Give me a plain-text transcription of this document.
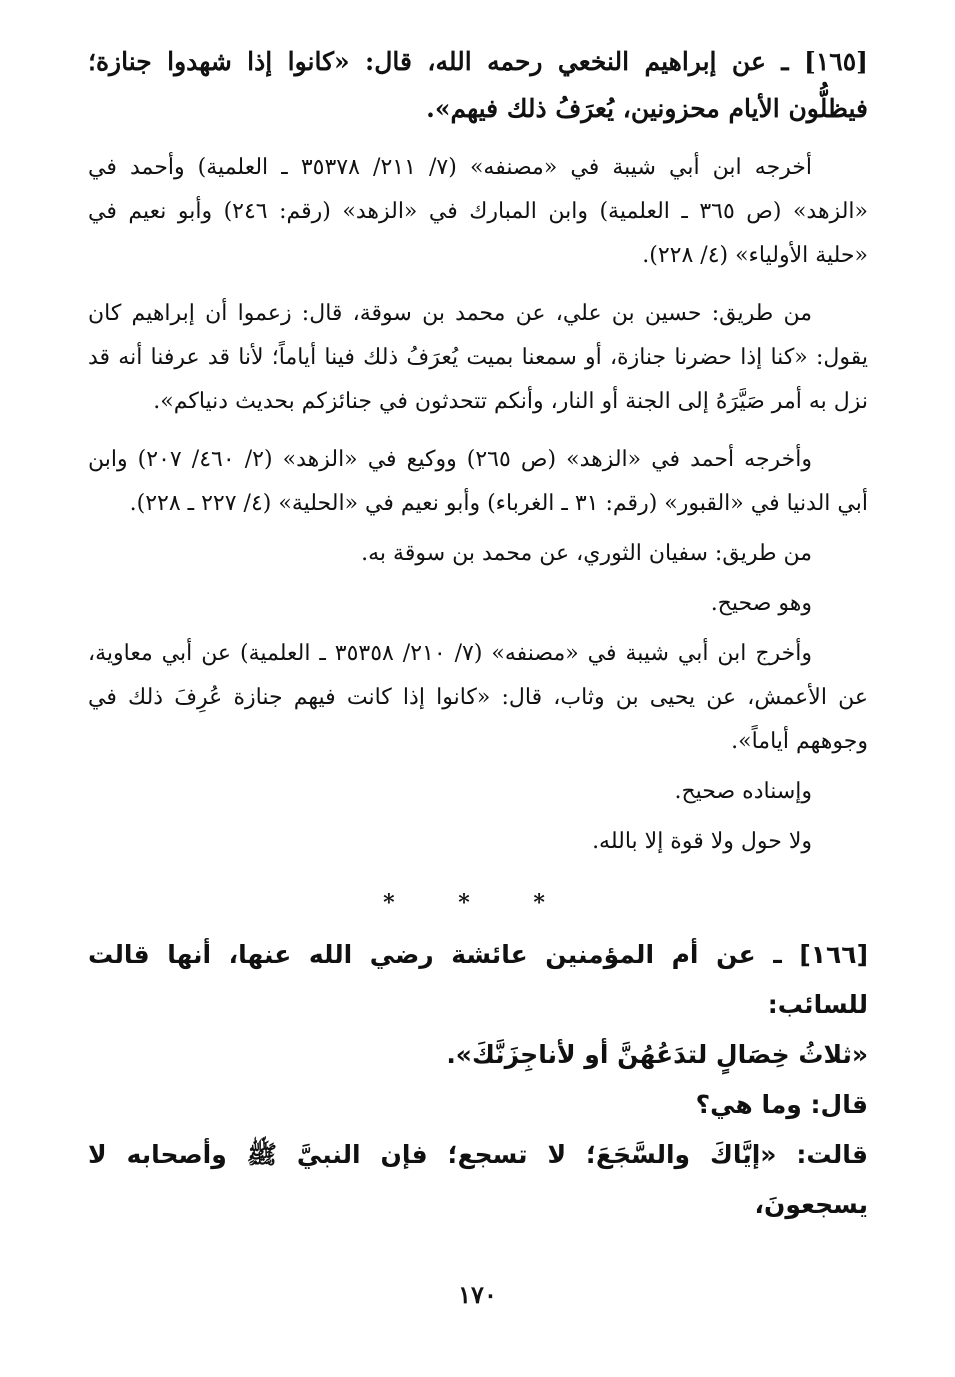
[١٦٥] ـ عن إبراهيم النخعي رحمه الله، قال: «كانوا إذا شهدوا جنازة؛ فيظلُّون الأيام محزونين، يُعرَفُ ذلك فيهم».
أخرجه ابن أبي شيبة في «مصنفه» (٧/ ٢١١/ ٣٥٣٧٨ ـ العلمية) وأحمد في «الزهد» (ص ٣٦٥ ـ العلمية) وابن المبارك في «الزهد» (رقم: ٢٤٦) وأبو نعيم في «حلية الأولياء» (٤/ ٢٢٨).
من طريق: حسين بن علي، عن محمد بن سوقة، قال: زعموا أن إبراهيم كان يقول: «كنا إذا حضرنا جنازة، أو سمعنا بميت يُعرَفُ ذلك فينا أياماً؛ لأنا قد عرفنا أنه قد نزل به أمر صَيَّرَهُ إلى الجنة أو النار، وأنكم تتحدثون في جنائزكم بحديث دنياكم».
وأخرجه أحمد في «الزهد» (ص ٢٦٥) ووكيع في «الزهد» (٢/ ٤٦٠/ ٢٠٧) وابن أبي الدنيا في «القبور» (رقم: ٣١ ـ الغرباء) وأبو نعيم في «الحلية» (٤/ ٢٢٧ ـ ٢٢٨).
من طريق: سفيان الثوري، عن محمد بن سوقة به.
وهو صحيح.
وأخرج ابن أبي شيبة في «مصنفه» (٧/ ٢١٠/ ٣٥٣٥٨ ـ العلمية) عن أبي معاوية، عن الأعمش، عن يحيى بن وثاب، قال: «كانوا إذا كانت فيهم جنازة عُرِفَ ذلك في وجوههم أياماً».
وإسناده صحيح.
ولا حول ولا قوة إلا بالله.
* * *
[١٦٦] ـ عن أم المؤمنين عائشة رضي الله عنها، أنها قالت للسائب:
«ثلاثُ خِصَالٍ لتدَعُهُنَّ أو لأناجِزَنَّكَ».
قال: وما هي؟
قالت: «إيَّاكَ والسَّجَعَ؛ لا تسجع؛ فإن النبيَّ ﷺ وأصحابه لا يسجعونَ،
١٧٠
